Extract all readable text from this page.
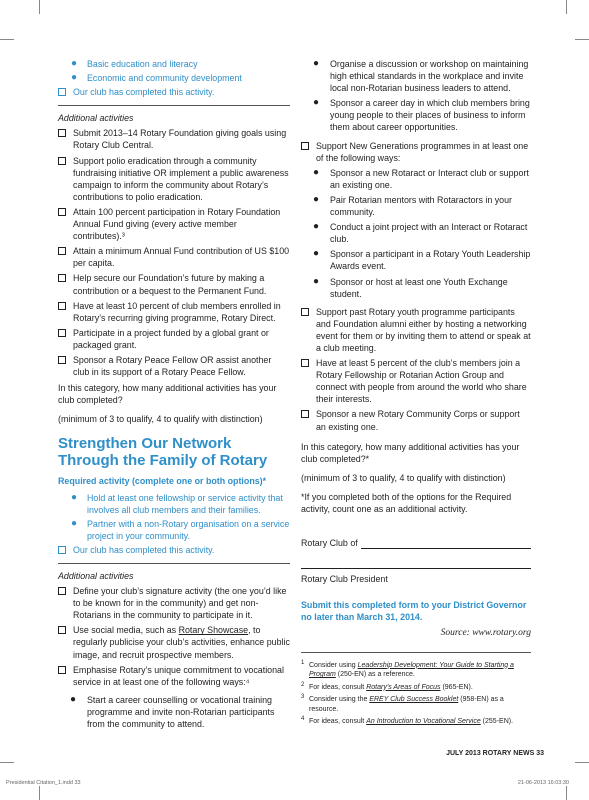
● Basic education and literacy
● Economic and community development
Our club has completed this activity.
Additional activities
Submit 2013–14 Rotary Foundation giving goals using Rotary Club Central.
Support polio eradication through a community fundraising initiative OR implement a public awareness campaign to inform the community about Rotary’s contributions to polio eradication.
Attain 100 percent participation in Rotary Foundation Annual Fund giving (every active member contributes).³
Attain a minimum Annual Fund contribution of US $100 per capita.
Help secure our Foundation’s future by making a contribution or a bequest to the Permanent Fund.
Have at least 10 percent of club members enrolled in Rotary’s recurring giving programme, Rotary Direct.
Participate in a project funded by a global grant or packaged grant.
Sponsor a Rotary Peace Fellow OR assist another club in its support of a Rotary Peace Fellow.
In this category, how many additional activities has your club completed?
(minimum of 3 to qualify, 4 to qualify with distinction)
Strengthen Our Network Through the Family of Rotary
Required activity (complete one or both options)*
● Hold at least one fellowship or service activity that involves all club members and their families.
● Partner with a non-Rotary organisation on a service project in your community.
Our club has completed this activity.
Additional activities
Define your club’s signature activity (the one you’d like to be known for in the community) and get non-Rotarians in the community to participate in it.
Use social media, such as Rotary Showcase, to regularly publicise your club’s activities, enhance public image, and recruit prospective members.
Emphasise Rotary’s unique commitment to vocational service in at least one of the following ways:⁴
● Start a career counselling or vocational training programme and invite non-Rotarian participants from the community to attend.
● Organise a discussion or workshop on maintaining high ethical standards in the workplace and invite local non-Rotarian business leaders to attend.
● Sponsor a career day in which club members bring young people to their places of business to inform them about career opportunities.
Support New Generations programmes in at least one of the following ways:
● Sponsor a new Rotaract or Interact club or support an existing one.
● Pair Rotarian mentors with Rotaractors in your community.
● Conduct a joint project with an Interact or Rotaract club.
● Sponsor a participant in a Rotary Youth Leadership Awards event.
● Sponsor or host at least one Youth Exchange student.
Support past Rotary youth programme participants and Foundation alumni either by hosting a networking event for them or by inviting them to attend or speak at a club meeting.
Have at least 5 percent of the club’s members join a Rotary Fellowship or Rotarian Action Group and connect with people from around the world who share their interests.
Sponsor a new Rotary Community Corps or support an existing one.
In this category, how many additional activities has your club completed?*
(minimum of 3 to qualify, 4 to qualify with distinction)
*If you completed both of the options for the Required activity, count one as an additional activity.
Rotary Club of
Rotary Club President
Submit this completed form to your District Governor no later than March 31, 2014.
Source: www.rotary.org
1 Consider using Leadership Development: Your Guide to Starting a Program (250-EN) as a reference.
2 For ideas, consult Rotary’s Areas of Focus (965-EN).
3 Consider using the EREY Club Success Booklet (958-EN) as a resource.
4 For ideas, consult An Introduction to Vocational Service (255-EN).
JULY 2013 ROTARY NEWS 33
Presidential Citation_1.indd 33	21-06-2013 16:03:30
